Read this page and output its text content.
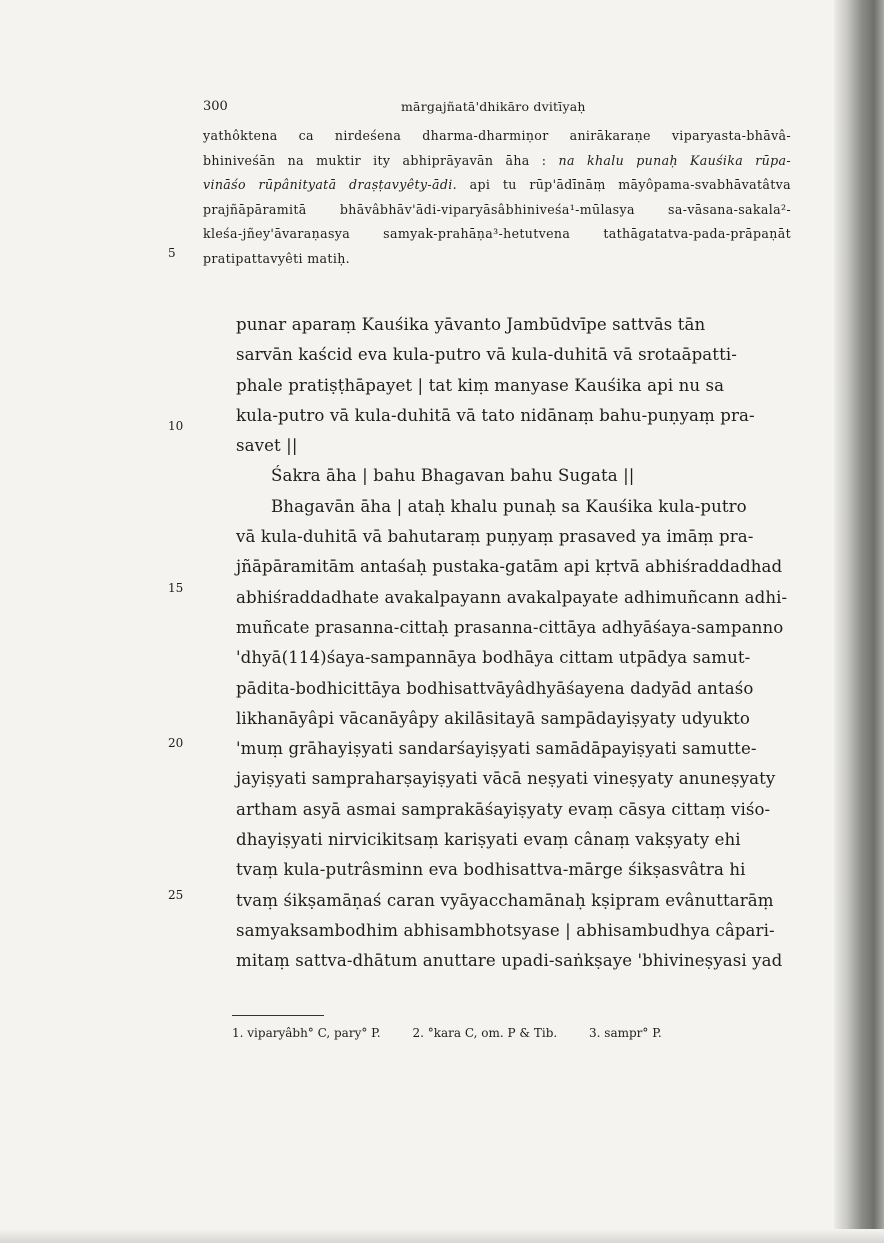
300	mārgajñatā'dhikāro dvitīyaḥ
yathôktena ca nirdeśena dharma-dharmiṇor anirākaraṇe viparyasta-bhāvâ-
bhiniveśān na muktir ity abhiprāyavān āha : na khalu punaḥ Kauśika rūpa-
vināśo rūpânityatā draṣṭavyêty-ādi. api tu rūp'ādīnāṃ māyôpama-svabhāvatâtva
prajñāpāramitā bhāvâbhāv'ādi-viparyāsâbhiniveśa¹-mūlasya sa-vāsana-sakala²-
kleśa-jñey'āvaraṇasya samyak-prahāṇa³-hetutvena tathāgatatva-pada-prāpaṇāt
pratipattavyêti matiḥ.
punar aparaṃ Kauśika yāvanto Jambūdvīpe sattvās tān
sarvān kaścid eva kula-putro vā kula-duhitā vā srotaāpatti-
phale pratiṣṭhāpayet | tat kiṃ manyase Kauśika api nu sa
kula-putro vā kula-duhitā vā tato nidānaṃ bahu-puṇyaṃ pra-
savet ||
Śakra āha | bahu Bhagavan bahu Sugata ||
Bhagavān āha | ataḥ khalu punaḥ sa Kauśika kula-putro
vā kula-duhitā vā bahutaraṃ puṇyaṃ prasaved ya imāṃ pra-
jñāpāramitām antaśaḥ pustaka-gatām api kṛtvā abhiśraddadhad
abhiśraddadhate avakalpayann avakalpayate adhimuñcann adhi-
muñcate prasanna-cittaḥ prasanna-cittāya adhyāśaya-sampanno
'dhyā(114)śaya-sampannāya bodhāya cittam utpādya samut-
pādita-bodhicittāya bodhisattvāyâdhyāśayena dadyād antaśo
likhanāyâpi vācanāyâpy akilāsitayā sampādayiṣyaty udyukto
'muṃ grāhayiṣyati sandarśayiṣyati samādāpayiṣyati samutte-
jayiṣyati sampraharṣayiṣyati vācā neṣyati vineṣyaty anuneṣyaty
artham asyā asmai samprakāśayiṣyaty evaṃ cāsya cittaṃ viśo-
dhayiṣyati nirvicikitsaṃ kariṣyati evaṃ cânaṃ vakṣyaty ehi
tvaṃ kula-putrâsminn eva bodhisattva-mārge śikṣasvâtra hi
tvaṃ śikṣamāṇaś caran vyāyacchamānaḥ kṣipram evânuttarāṃ
samyaksambodhim abhisambhotsyase | abhisambudhya câpari-
mitaṃ sattva-dhātum anuttare upadi-saṅkṣaye 'bhivineṣyasi yad
5
10
15
20
25
1. viparyâbh° C, pary° P.	2. °kara C, om. P & Tib.	3. sampr° P.
